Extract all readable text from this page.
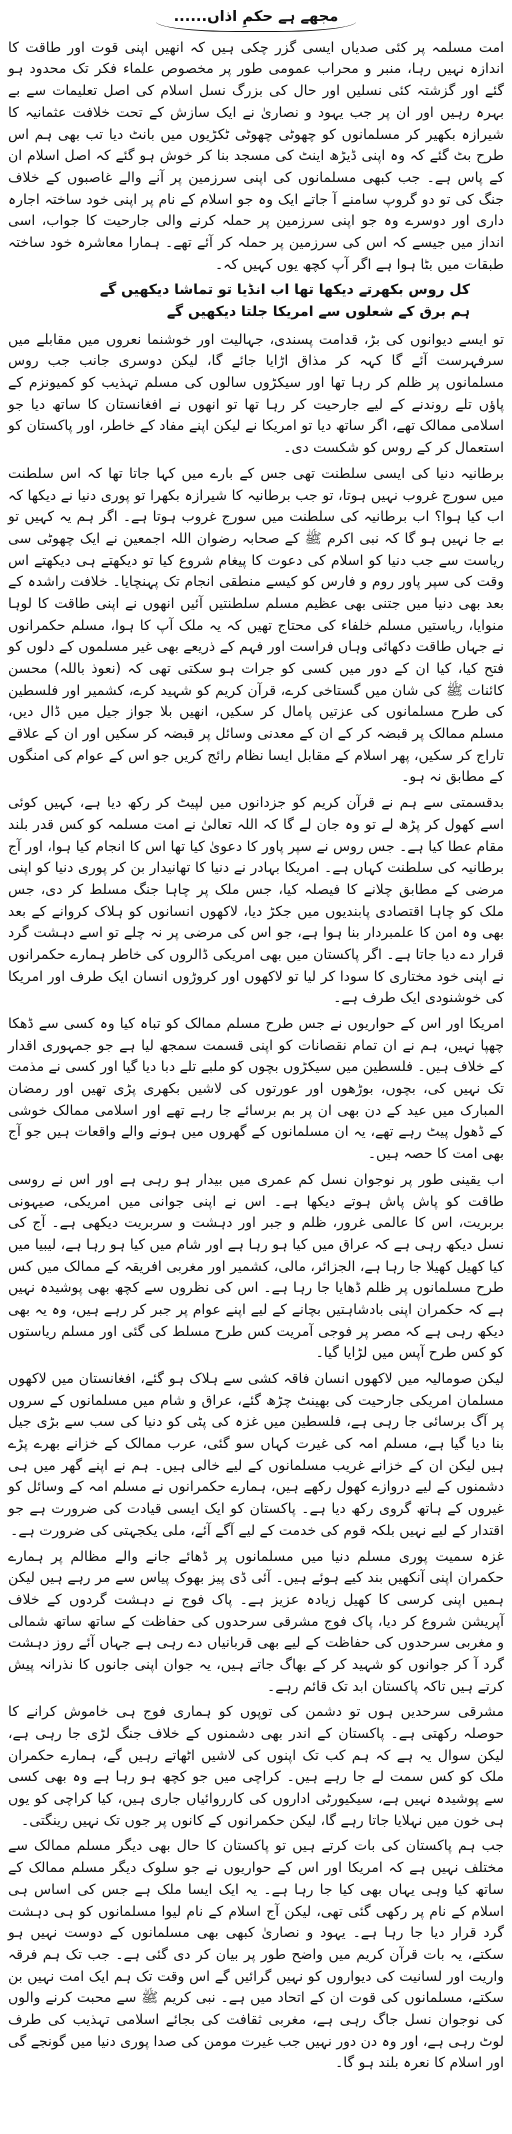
مجھے ہے حکمِ اذاں......

امت مسلمہ پر کئی صدیاں ایسی گزر چکی ہیں کہ انھیں اپنی قوت اور طاقت کا اندازہ نہیں رہا، منبر و محراب عمومی طور پر مخصوص علماء فکر تک محدود ہو گئے اور گزشتہ کئی نسلیں اور حال کی بزرگ نسل اسلام کی اصل تعلیمات سے بے بہرہ رہیں اور ان پر جب یہود و نصاریٰ نے ایک سازش کے تحت خلافت عثمانیہ کا شیرازہ بکھیر کر مسلمانوں کو چھوٹی چھوٹی ٹکڑیوں میں بانٹ دیا تب بھی ہم اس طرح بٹ گئے کہ وہ اپنی ڈیڑھ اینٹ کی مسجد بنا کر خوش ہو گئے کہ اصل اسلام ان کے پاس ہے۔ جب کبھی مسلمانوں کی اپنی سرزمین پر آنے والے غاصبوں کے خلاف جنگ کی تو دو گروپ سامنے آ جاتے ایک وہ جو اسلام کے نام پر اپنی خود ساختہ اجارہ داری اور دوسرے وہ جو اپنی سرزمین پر حملہ کرنے والی جارحیت کا جواب، اسی انداز میں جیسے کہ اس کی سرزمین پر حملہ کر آئے تھے۔ ہمارا معاشرہ خود ساختہ طبقات میں بٹا ہوا ہے اگر آپ کچھ یوں کہیں کہ۔

کل روس بکھرتے دیکھا تھا اب انڈیا تو تماشا دیکھیں گے
ہم برق کے شعلوں سے امریکا جلتا دیکھیں گے

تو ایسے دیوانوں کی بڑ، قدامت پسندی، جہالیت اور خوشنما نعروں میں مقابلے میں سرفہرست آئے گا کہہ کر مذاق اڑایا جائے گا، لیکن دوسری جانب جب روس مسلمانوں پر ظلم کر رہا تھا اور سیکڑوں سالوں کی مسلم تہذیب کو کمیونزم کے پاؤں تلے روندنے کے لیے جارحیت کر رہا تھا تو انھوں نے افغانستان کا ساتھ دیا جو اسلامی ممالک تھے، اگر ساتھ دیا تو امریکا نے لیکن اپنے مفاد کے خاطر، اور پاکستان کو استعمال کر کے روس کو شکست دی۔

برطانیہ دنیا کی ایسی سلطنت تھی جس کے بارے میں کہا جاتا تھا کہ اس سلطنت میں سورج غروب نہیں ہوتا، تو جب برطانیہ کا شیرازہ بکھرا تو پوری دنیا نے دیکھا کہ اب کیا ہوا؟ اب برطانیہ کی سلطنت میں سورج غروب ہوتا ہے۔ اگر ہم یہ کہیں تو بے جا نہیں ہو گا کہ نبی اکرم ﷺ کے صحابہ رضوان اللہ اجمعین نے ایک چھوٹی سی ریاست سے جب دنیا کو اسلام کی دعوت کا پیغام شروع کیا تو دیکھتے ہی دیکھتے اس وقت کی سپر پاور روم و فارس کو کیسے منطقی انجام تک پہنچایا۔ خلافت راشدہ کے بعد بھی دنیا میں جتنی بھی عظیم مسلم سلطنتیں آئیں انھوں نے اپنی طاقت کا لوہا منوایا، ریاستیں مسلم خلفاء کی محتاج تھیں کہ یہ ملک آپ کا ہوا، مسلم حکمرانوں نے جہاں طاقت دکھائی وہاں فراست اور فہم کے ذریعے بھی غیر مسلموں کے دلوں کو فتح کیا، کیا ان کے دور میں کسی کو جرات ہو سکتی تھی کہ (نعوذ باللہ) محسن کائنات ﷺ کی شان میں گستاخی کرے، قرآن کریم کو شہید کرے، کشمیر اور فلسطین کی طرح مسلمانوں کی عزتیں پامال کر سکیں، انھیں بلا جواز جیل میں ڈال دیں، مسلم ممالک پر قبضہ کر کے ان کے معدنی وسائل پر قبضہ کر سکیں اور ان کے علاقے تاراج کر سکیں، پھر اسلام کے مقابل ایسا نظام رائج کریں جو اس کے عوام کی امنگوں کے مطابق نہ ہو۔

بدقسمتی سے ہم نے قرآن کریم کو جزدانوں میں لپیٹ کر رکھ دیا ہے، کہیں کوئی اسے کھول کر پڑھ لے تو وہ جان لے گا کہ اللہ تعالیٰ نے امت مسلمہ کو کس قدر بلند مقام عطا کیا ہے۔ جس روس نے سپر پاور کا دعویٰ کیا تھا اس کا انجام کیا ہوا، اور آج برطانیہ کی سلطنت کہاں ہے۔ امریکا بہادر نے دنیا کا تھانیدار بن کر پوری دنیا کو اپنی مرضی کے مطابق چلانے کا فیصلہ کیا، جس ملک پر چاہا جنگ مسلط کر دی، جس ملک کو چاہا اقتصادی پابندیوں میں جکڑ دیا، لاکھوں انسانوں کو ہلاک کروانے کے بعد بھی وہ امن کا علمبردار بنا ہوا ہے، جو اس کی مرضی پر نہ چلے تو اسے دہشت گرد قرار دے دیا جاتا ہے۔ اگر پاکستان میں بھی امریکی ڈالروں کی خاطر ہمارے حکمرانوں نے اپنی خود مختاری کا سودا کر لیا تو لاکھوں اور کروڑوں انسان ایک طرف اور امریکا کی خوشنودی ایک طرف ہے۔

امریکا اور اس کے حواریوں نے جس طرح مسلم ممالک کو تباہ کیا وہ کسی سے ڈھکا چھپا نہیں، ہم نے ان تمام نقصانات کو اپنی قسمت سمجھ لیا ہے جو جمہوری اقدار کے خلاف ہیں۔ فلسطین میں سیکڑوں بچوں کو ملبے تلے دبا دیا گیا اور کسی نے مذمت تک نہیں کی، بچوں، بوڑھوں اور عورتوں کی لاشیں بکھری پڑی تھیں اور رمضان المبارک میں عید کے دن بھی ان پر بم برسائے جا رہے تھے اور اسلامی ممالک خوشی کے ڈھول پیٹ رہے تھے، یہ ان مسلمانوں کے گھروں میں ہونے والے واقعات ہیں جو آج بھی امت کا حصہ ہیں۔

اب یقینی طور پر نوجوان نسل کم عمری میں بیدار ہو رہی ہے اور اس نے روسی طاقت کو پاش پاش ہوتے دیکھا ہے۔ اس نے اپنی جوانی میں امریکی، صیہونی بربریت، اس کا عالمی غرور، ظلم و جبر اور دہشت و سربریت دیکھی ہے۔ آج کی نسل دیکھ رہی ہے کہ عراق میں کیا ہو رہا ہے اور شام میں کیا ہو رہا ہے، لیبیا میں کیا کھیل کھیلا جا رہا ہے، الجزائر، مالی، کشمیر اور مغربی افریقہ کے ممالک میں کس طرح مسلمانوں پر ظلم ڈھایا جا رہا ہے۔ اس کی نظروں سے کچھ بھی پوشیدہ نہیں ہے کہ حکمران اپنی بادشاہتیں بچانے کے لیے اپنے عوام پر جبر کر رہے ہیں، وہ یہ بھی دیکھ رہی ہے کہ مصر پر فوجی آمریت کس طرح مسلط کی گئی اور مسلم ریاستوں کو کس طرح آپس میں لڑایا گیا۔

لیکن صومالیہ میں لاکھوں انسان فاقہ کشی سے ہلاک ہو گئے، افغانستان میں لاکھوں مسلمان امریکی جارحیت کی بھینٹ چڑھ گئے، عراق و شام میں مسلمانوں کے سروں پر آگ برسائی جا رہی ہے، فلسطین میں غزہ کی پٹی کو دنیا کی سب سے بڑی جیل بنا دیا گیا ہے، مسلم امہ کی غیرت کہاں سو گئی، عرب ممالک کے خزانے بھرے پڑے ہیں لیکن ان کے خزانے غریب مسلمانوں کے لیے خالی ہیں۔ ہم نے اپنے گھر میں ہی دشمنوں کے لیے دروازے کھول رکھے ہیں، ہمارے حکمرانوں نے مسلم امہ کے وسائل کو غیروں کے ہاتھ گروی رکھ دیا ہے۔ پاکستان کو ایک ایسی قیادت کی ضرورت ہے جو اقتدار کے لیے نہیں بلکہ قوم کی خدمت کے لیے آگے آئے، ملی یکجہتی کی ضرورت ہے۔

غزہ سمیت پوری مسلم دنیا میں مسلمانوں پر ڈھائے جانے والے مظالم پر ہمارے حکمران اپنی آنکھیں بند کیے ہوئے ہیں۔ آئی ڈی پیز بھوک پیاس سے مر رہے ہیں لیکن ہمیں اپنی کرسی کا کھیل زیادہ عزیز ہے۔ پاک فوج نے دہشت گردوں کے خلاف آپریشن شروع کر دیا، پاک فوج مشرقی سرحدوں کی حفاظت کے ساتھ ساتھ شمالی و مغربی سرحدوں کی حفاظت کے لیے بھی قربانیاں دے رہی ہے جہاں آئے روز دہشت گرد آ کر جوانوں کو شہید کر کے بھاگ جاتے ہیں، یہ جوان اپنی جانوں کا نذرانہ پیش کرتے ہیں تاکہ پاکستان ابد تک قائم رہے۔

مشرقی سرحدیں ہوں تو دشمن کی توپوں کو ہماری فوج ہی خاموش کرانے کا حوصلہ رکھتی ہے۔ پاکستان کے اندر بھی دشمنوں کے خلاف جنگ لڑی جا رہی ہے، لیکن سوال یہ ہے کہ ہم کب تک اپنوں کی لاشیں اٹھاتے رہیں گے، ہمارے حکمران ملک کو کس سمت لے جا رہے ہیں۔ کراچی میں جو کچھ ہو رہا ہے وہ بھی کسی سے پوشیدہ نہیں ہے، سیکیورٹی اداروں کی کارروائیاں جاری ہیں، کیا کراچی کو یوں ہی خون میں نہلایا جاتا رہے گا، لیکن حکمرانوں کے کانوں پر جوں تک نہیں رینگتی۔

جب ہم پاکستان کی بات کرتے ہیں تو پاکستان کا حال بھی دیگر مسلم ممالک سے مختلف نہیں ہے کہ امریکا اور اس کے حواریوں نے جو سلوک دیگر مسلم ممالک کے ساتھ کیا وہی یہاں بھی کیا جا رہا ہے۔ یہ ایک ایسا ملک ہے جس کی اساس ہی اسلام کے نام پر رکھی گئی تھی، لیکن آج اسلام کے نام لیوا مسلمانوں کو ہی دہشت گرد قرار دیا جا رہا ہے۔ یہود و نصاریٰ کبھی بھی مسلمانوں کے دوست نہیں ہو سکتے، یہ بات قرآن کریم میں واضح طور پر بیان کر دی گئی ہے۔ جب تک ہم فرقہ واریت اور لسانیت کی دیواروں کو نہیں گرائیں گے اس وقت تک ہم ایک امت نہیں بن سکتے، مسلمانوں کی قوت ان کے اتحاد میں ہے۔ نبی کریم ﷺ سے محبت کرنے والوں کی نوجوان نسل جاگ رہی ہے، مغربی ثقافت کی بجائے اسلامی تہذیب کی طرف لوٹ رہی ہے، اور وہ دن دور نہیں جب غیرت مومن کی صدا پوری دنیا میں گونجے گی اور اسلام کا نعرہ بلند ہو گا۔
